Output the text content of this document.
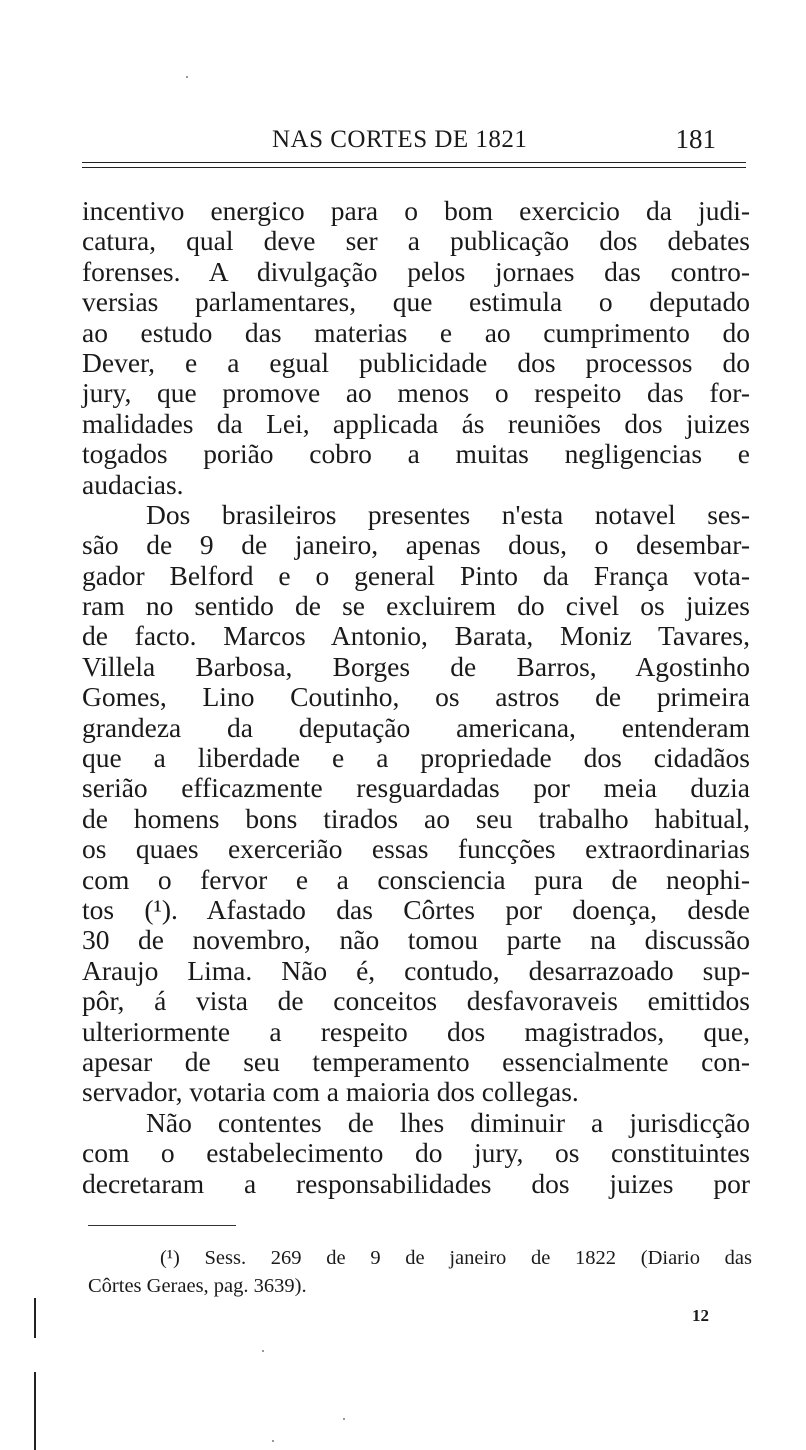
NAS CORTES DE 1821	181
incentivo energico para o bom exercicio da judi-
catura, qual deve ser a publicação dos debates
forenses. A divulgação pelos jornaes das contro-
versias parlamentares, que estimula o deputado
ao estudo das materias e ao cumprimento do
Dever, e a egual publicidade dos processos do
jury, que promove ao menos o respeito das for-
malidades da Lei, applicada ás reuniões dos juizes
togados porião cobro a muitas negligencias e
audacias.
Dos brasileiros presentes n'esta notavel ses-
são de 9 de janeiro, apenas dous, o desembar-
gador Belford e o general Pinto da França vota-
ram no sentido de se excluirem do civel os juizes
de facto. Marcos Antonio, Barata, Moniz Tavares,
Villela Barbosa, Borges de Barros, Agostinho
Gomes, Lino Coutinho, os astros de primeira
grandeza da deputação americana, entenderam
que a liberdade e a propriedade dos cidadãos
serião efficazmente resguardadas por meia duzia
de homens bons tirados ao seu trabalho habitual,
os quaes exercerião essas funcções extraordinarias
com o fervor e a consciencia pura de neophi-
tos (¹). Afastado das Côrtes por doença, desde
30 de novembro, não tomou parte na discussão
Araujo Lima. Não é, contudo, desarrazoado sup-
pôr, á vista de conceitos desfavoraveis emittidos
ulteriormente a respeito dos magistrados, que,
apesar de seu temperamento essencialmente con-
servador, votaria com a maioria dos collegas.
Não contentes de lhes diminuir a jurisdicção
com o estabelecimento do jury, os constituintes
decretaram a responsabilidades dos juizes por
(¹) Sess. 269 de 9 de janeiro de 1822 (Diario das
Côrtes Geraes, pag. 3639).
12
